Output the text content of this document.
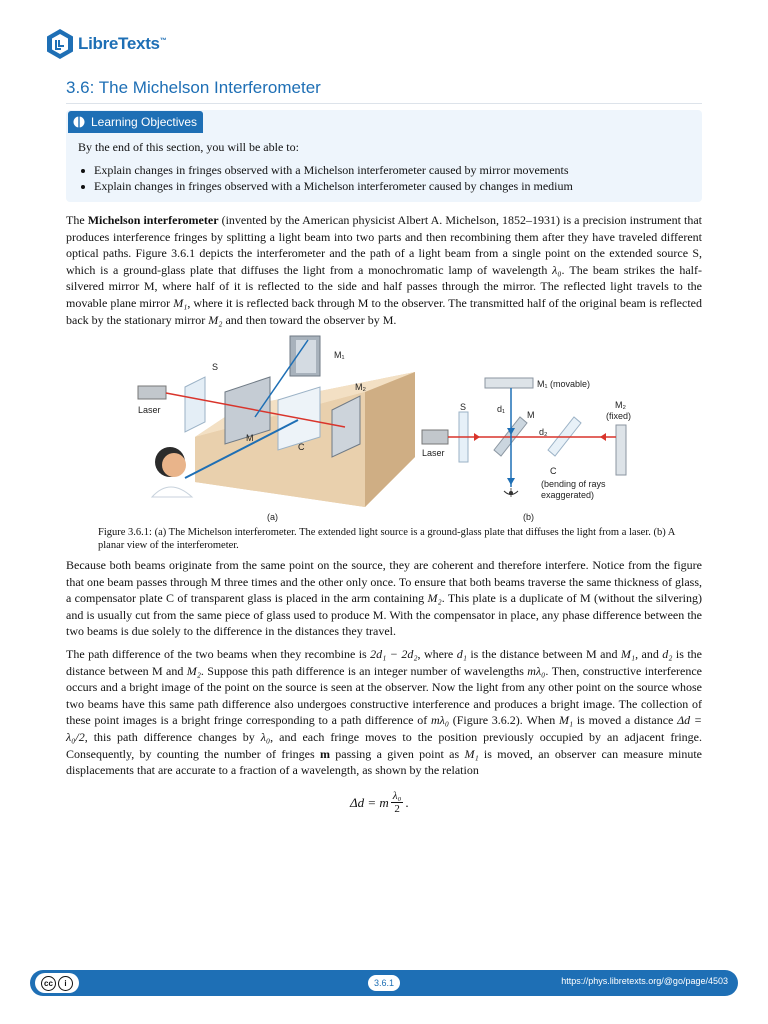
LibreTexts™
3.6: The Michelson Interferometer
Learning Objectives
By the end of this section, you will be able to:
Explain changes in fringes observed with a Michelson interferometer caused by mirror movements
Explain changes in fringes observed with a Michelson interferometer caused by changes in medium

The Michelson interferometer (invented by the American physicist Albert A. Michelson, 1852–1931) is a precision instrument that produces interference fringes by splitting a light beam into two parts and then recombining them after they have traveled different optical paths. Figure 3.6.1 depicts the interferometer and the path of a light beam from a single point on the extended source S, which is a ground-glass plate that diffuses the light from a monochromatic lamp of wavelength λ₀. The beam strikes the half-silvered mirror M, where half of it is reflected to the side and half passes through the mirror. The reflected light travels to the movable plane mirror M₁, where it is reflected back through M to the observer. The transmitted half of the original beam is reflected back by the stationary mirror M₂ and then toward the observer by M.

S
M₁
M₂
Laser
M
C
(a)
M₁ (movable)
M₂
(fixed)
S	d₁
M
d₂
Laser
C
(bending of rays
exaggerated)
(b)

Figure 3.6.1: (a) The Michelson interferometer. The extended light source is a ground-glass plate that diffuses the light from a laser. (b) A planar view of the interferometer.

Because both beams originate from the same point on the source, they are coherent and therefore interfere. Notice from the figure that one beam passes through M three times and the other only once. To ensure that both beams traverse the same thickness of glass, a compensator plate C of transparent glass is placed in the arm containing M₂. This plate is a duplicate of M (without the silvering) and is usually cut from the same piece of glass used to produce M. With the compensator in place, any phase difference between the two beams is due solely to the difference in the distances they travel.

The path difference of the two beams when they recombine is 2d₁ − 2d₂, where d₁ is the distance between M and M₁, and d₂ is the distance between M and M₂. Suppose this path difference is an integer number of wavelengths mλ₀. Then, constructive interference occurs and a bright image of the point on the source is seen at the observer. Now the light from any other point on the source whose two beams have this same path difference also undergoes constructive interference and produces a bright image. The collection of these point images is a bright fringe corresponding to a path difference of mλ₀ (Figure 3.6.2). When M₁ is moved a distance Δd = λ₀/2, this path difference changes by λ₀, and each fringe moves to the position previously occupied by an adjacent fringe. Consequently, by counting the number of fringes m passing a given point as M₁ is moved, an observer can measure minute displacements that are accurate to a fraction of a wavelength, as shown by the relation

Δd = m $\frac{\text{λ₀}}{2}$ .
cc	i	3.6.1	https://phys.libretexts.org/@go/page/4503
